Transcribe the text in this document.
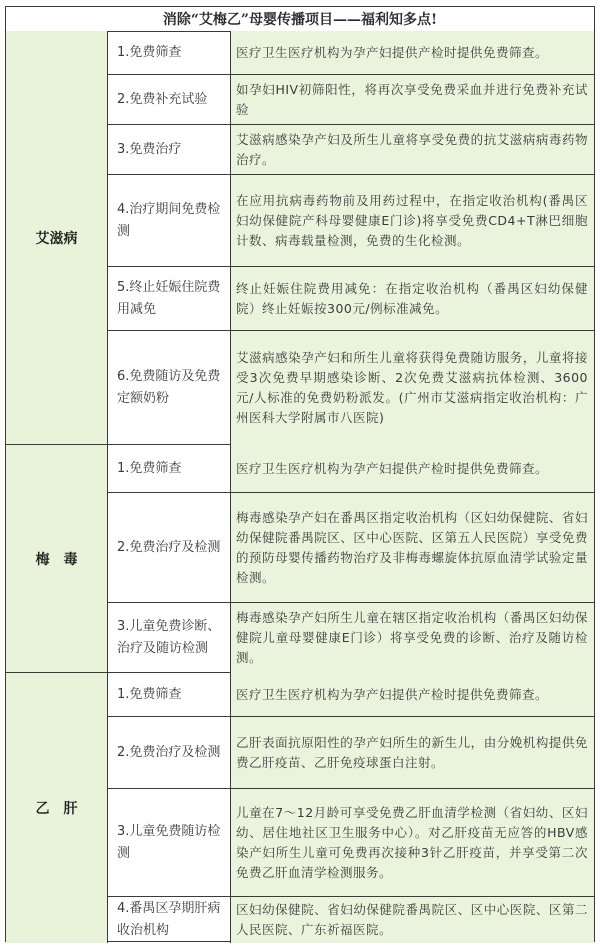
消除“艾梅乙”母婴传播项目——福利知多点!
艾滋病
1.免费筛查	医疗卫生医疗机构为孕产妇提供产检时提供免费筛查。
2.免费补充试验
如孕妇HIV初筛阳性，将再次享受免费采血并进行免费补充试验
3.免费治疗
艾滋病感染孕产妇及所生儿童将享受免费的抗艾滋病病毒药物治疗。
4.治疗期间免费检测
在应用抗病毒药物前及用药过程中，在指定收治机构(番禺区妇幼保健院产科母婴健康E门诊)将享受免费CD4+T淋巴细胞计数、病毒载量检测，免费的生化检测。
5.终止妊娠住院费用减免
终止妊娠住院费用减免：在指定收治机构（番禺区妇幼保健院）终止妊娠按300元/例标准减免。
6.免费随访及免费定额奶粉
艾滋病感染孕产妇和所生儿童将获得免费随访服务，儿童将接受3次免费早期感染诊断、2次免费艾滋病抗体检测、3600元/人标准的免费奶粉派发。(广州市艾滋病指定收治机构：广州医科大学附属市八医院)
梅　毒
1.免费筛查	医疗卫生医疗机构为孕产妇提供产检时提供免费筛查。
2.免费治疗及检测
梅毒感染孕产妇在番禺区指定收治机构（区妇幼保健院、省妇幼保健院番禺院区、区中心医院、区第五人民医院）享受免费的预防母婴传播药物治疗及非梅毒螺旋体抗原血清学试验定量检测。
3.儿童免费诊断、治疗及随访检测
梅毒感染孕产妇所生儿童在辖区指定收治机构（番禺区妇幼保健院儿童母婴健康E门诊）将享受免费的诊断、治疗及随访检测。
乙　肝
1.免费筛查	医疗卫生医疗机构为孕产妇提供产检时提供免费筛查。
2.免费治疗及检测
乙肝表面抗原阳性的孕产妇所生的新生儿，由分娩机构提供免费乙肝疫苗、乙肝免疫球蛋白注射。
3.儿童免费随访检测
儿童在7～12月龄可享受免费乙肝血清学检测（省妇幼、区妇幼、居住地社区卫生服务中心）。对乙肝疫苗无应答的HBV感染产妇所生儿童可免费再次接种3针乙肝疫苗，并享受第二次免费乙肝血清学检测服务。
4.番禺区孕期肝病收治机构
区妇幼保健院、省妇幼保健院番禺院区、区中心医院、区第二人民医院、广东祈福医院。
